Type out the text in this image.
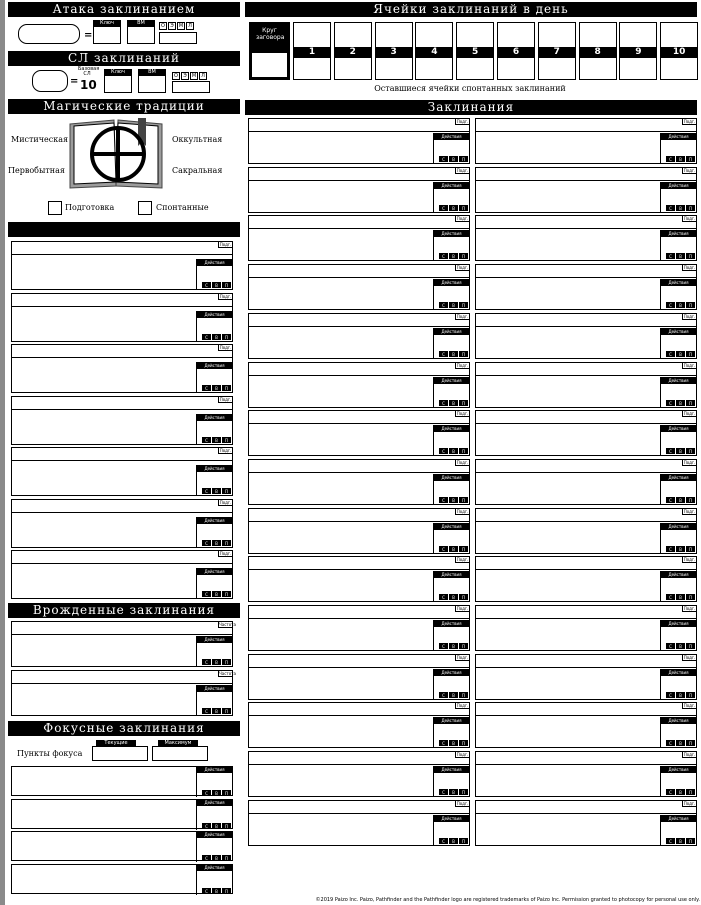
Атака заклинанием
=
Ключ	ВМ	О	Э	М Л
СЛ заклинаний
=
Базовая СЛ
10
Ключ	ВМ
О	Э	М Л
Магические традиции
Мистическая	Оккультная
Первобытная	Сакральная
Подготовка	Спонтанные
Подг.
Действия
С	В	П
Подг.
Действия
С	В	П
Подг.
Действия
С	В	П
Подг.
Действия
С	В	П
Подг.
Действия
С	В	П
Подг.
Действия
С	В	П
Подг.
Действия
С	В	П
Врожденные заклинания
Частота
Действия
С	В	П
Частота
Действия
С	В	П
Фокусные заклинания
Пункты фокуса
Текущие	Максимум
Действия
С	В	П
Действия
С	В	П
Действия
С	В	П
Действия
С	В	П
Ячейки заклинаний в день
Круг заговора
1	2	3	4	5	6	7	8	9	10
Оставшиеся ячейки спонтанных заклинаний
Заклинания
Подг.
Действия
С	В	П
Подг.
Действия
С	В	П
Подг.
Действия
С	В	П
Подг.
Действия
С	В	П
Подг.
Действия
С	В	П
Подг.
Действия
С	В	П
Подг.
Действия
С	В	П
Подг.
Действия
С	В	П
Подг.
Действия
С	В	П
Подг.
Действия
С	В	П
Подг.
Действия
С	В	П
Подг.
Действия
С	В	П
Подг.
Действия
С	В	П
Подг.
Действия
С	В	П
Подг.
Действия
С	В	П
Подг.
Действия
С	В	П
Подг.
Действия
С	В	П
Подг.
Действия
С	В	П
Подг.
Действия
С	В	П
Подг.
Действия
С	В	П
Подг.
Действия
С	В	П
Подг.
Действия
С	В	П
Подг.
Действия
С	В	П
Подг.
Действия
С	В	П
Подг.
Действия
С	В	П
Подг.
Действия
С	В	П
Подг.
Действия
С	В	П
Подг.
Действия
С	В	П
Подг.
Действия
С	В	П
Подг.
Действия
С	В	П
©2019 Paizo Inc. Paizo, Pathfinder and the Pathfinder logo are registered trademarks of Paizo Inc. Permission granted to photocopy for personal use only.
